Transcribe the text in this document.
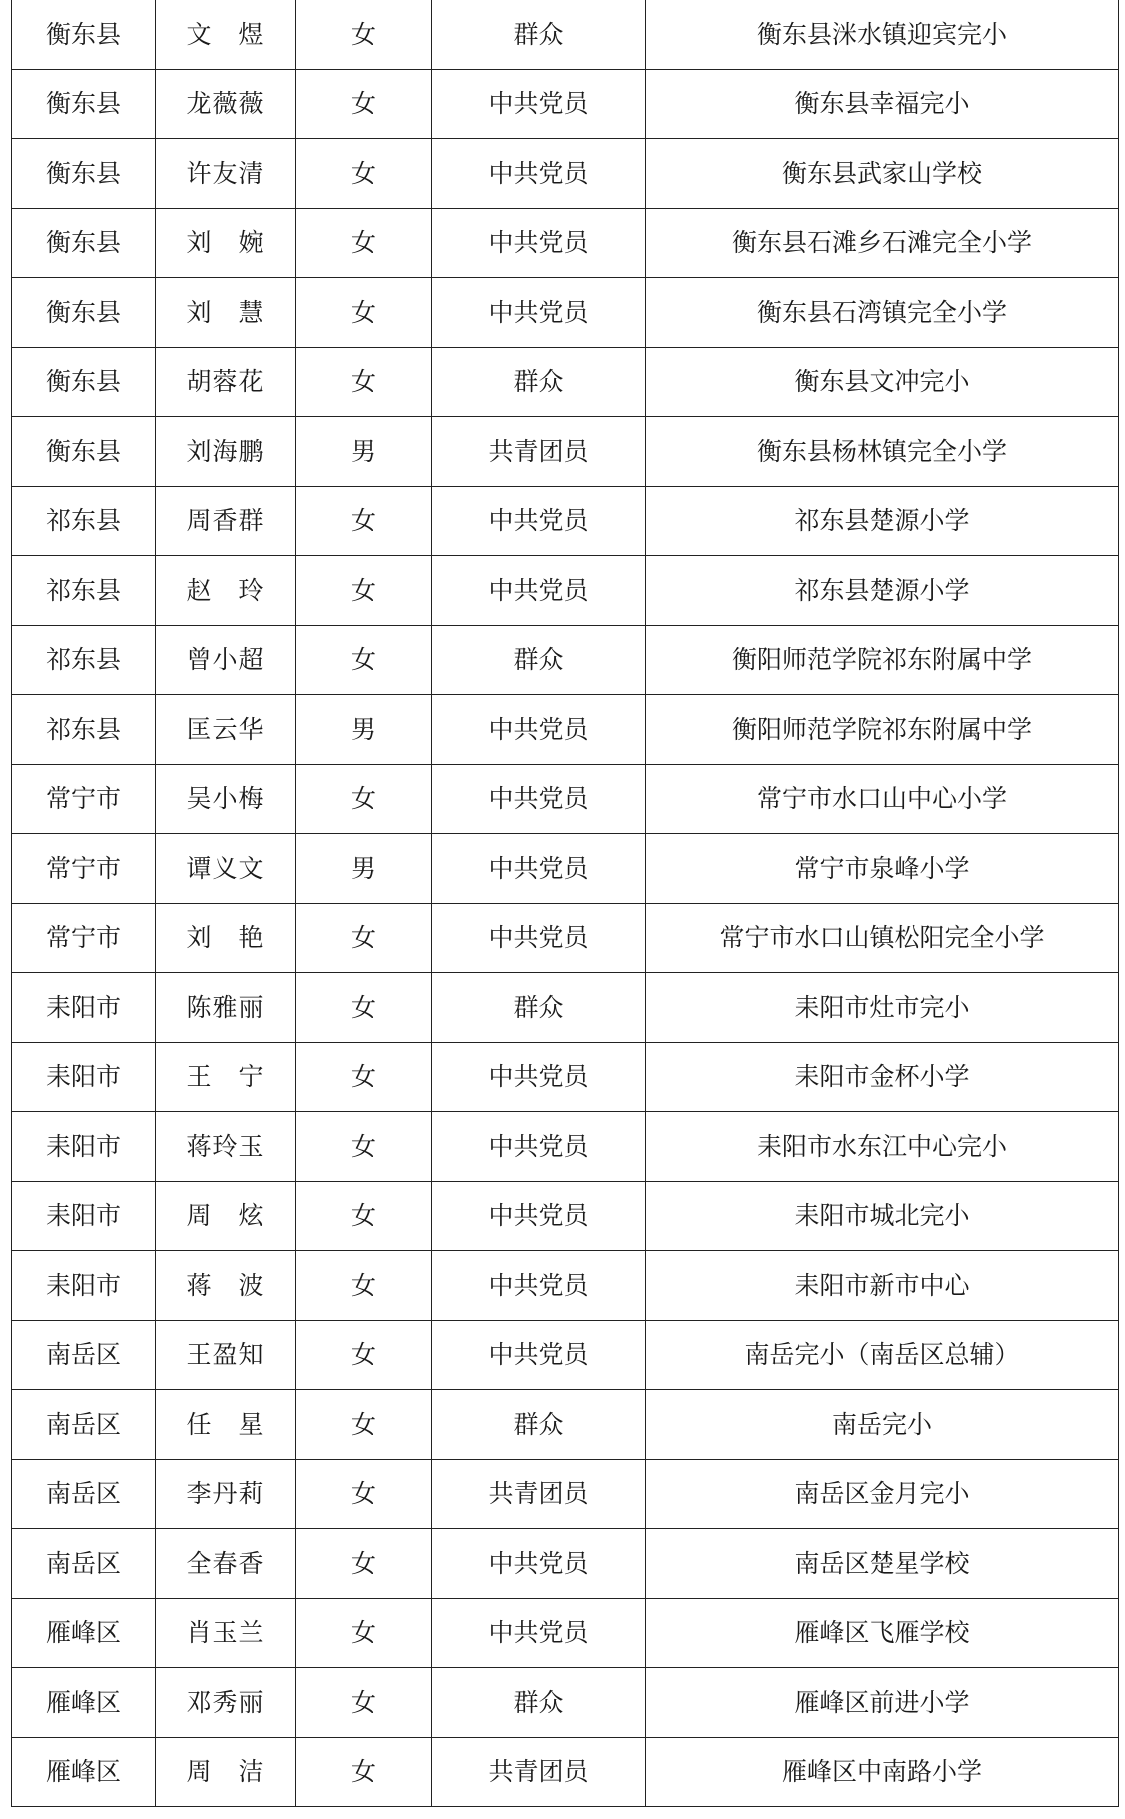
衡东县	文 煜	女	群众	衡东县洣水镇迎宾完小
衡东县	龙薇薇	女	中共党员	衡东县幸福完小
衡东县	许友清	女	中共党员	衡东县武家山学校
衡东县	刘 婉	女	中共党员	衡东县石滩乡石滩完全小学
衡东县	刘 慧	女	中共党员	衡东县石湾镇完全小学
衡东县	胡蓉花	女	群众	衡东县文冲完小
衡东县	刘海鹏	男	共青团员	衡东县杨林镇完全小学
祁东县	周香群	女	中共党员	祁东县楚源小学
祁东县	赵 玲	女	中共党员	祁东县楚源小学
祁东县	曾小超	女	群众	衡阳师范学院祁东附属中学
祁东县	匡云华	男	中共党员	衡阳师范学院祁东附属中学
常宁市	吴小梅	女	中共党员	常宁市水口山中心小学
常宁市	谭义文	男	中共党员	常宁市泉峰小学
常宁市	刘 艳	女	中共党员	常宁市水口山镇松阳完全小学
耒阳市	陈雅丽	女	群众	耒阳市灶市完小
耒阳市	王 宁	女	中共党员	耒阳市金杯小学
耒阳市	蒋玲玉	女	中共党员	耒阳市水东江中心完小
耒阳市	周 炫	女	中共党员	耒阳市城北完小
耒阳市	蒋 波	女	中共党员	耒阳市新市中心
南岳区	王盈知	女	中共党员	南岳完小（南岳区总辅）
南岳区	任 星	女	群众	南岳完小
南岳区	李丹莉	女	共青团员	南岳区金月完小
南岳区	全春香	女	中共党员	南岳区楚星学校
雁峰区	肖玉兰	女	中共党员	雁峰区飞雁学校
雁峰区	邓秀丽	女	群众	雁峰区前进小学
雁峰区	周 洁	女	共青团员	雁峰区中南路小学
